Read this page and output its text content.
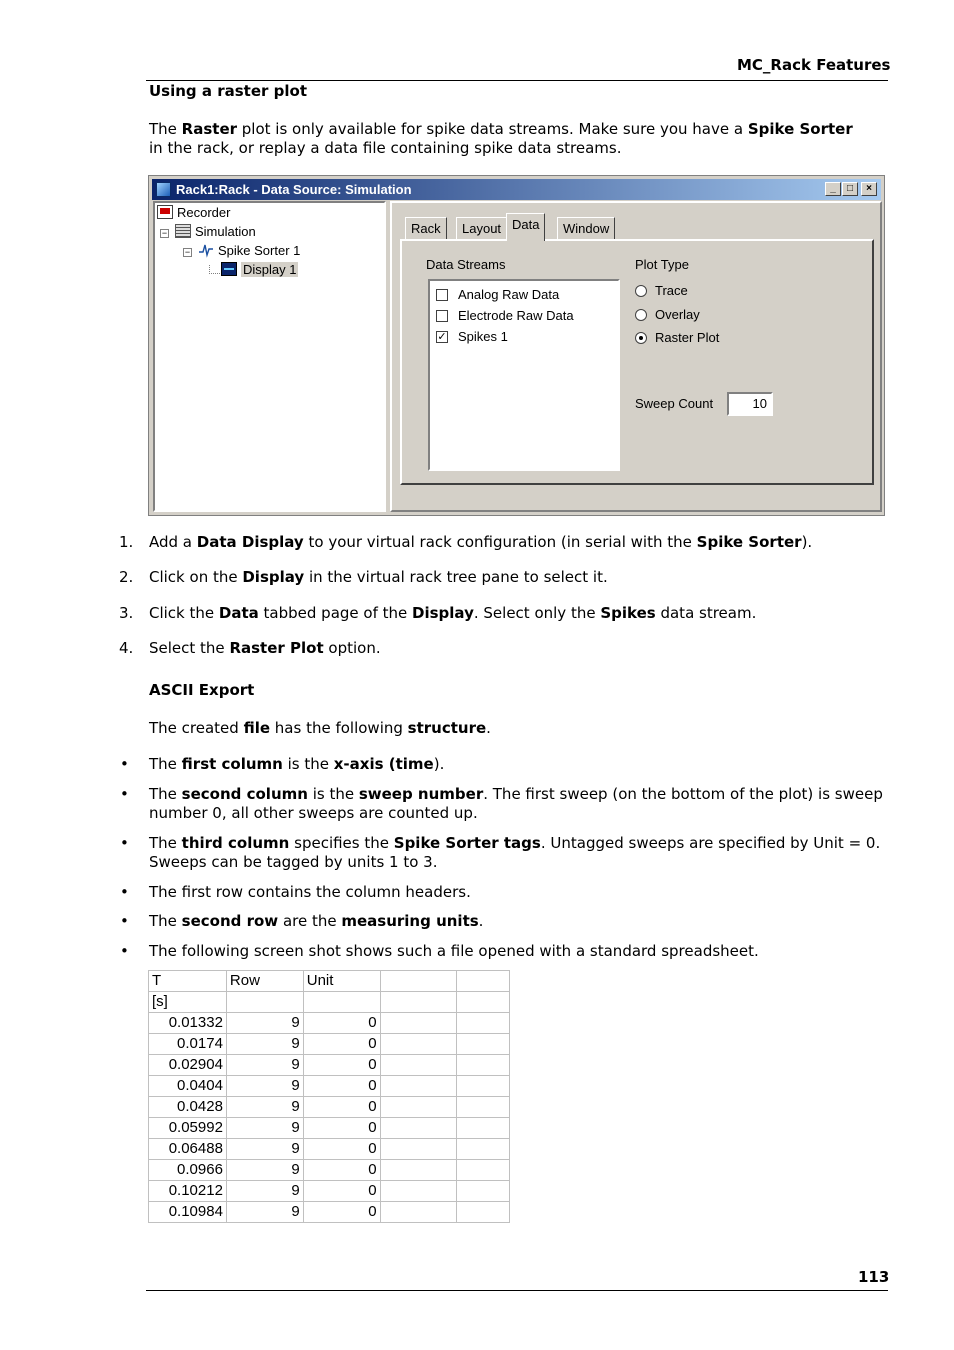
MC_Rack Features
Using a raster plot
The Raster plot is only available for spike data streams. Make sure you have a Spike Sorter
in the rack, or replay a data file containing spike data streams.
Rack1:Rack - Data Source: Simulation	_	□	×
Recorder
−	Simulation
−	Spike Sorter 1
Display 1
Rack	Layout Data	Window
Data Streams
Analog Raw Data
Electrode Raw Data
✓ Spikes 1
Plot Type
Trace
Overlay
Raster Plot
Sweep Count	10
1. Add a Data Display to your virtual rack configuration (in serial with the Spike Sorter).
2. Click on the Display in the virtual rack tree pane to select it.
3. Click the Data tabbed page of the Display. Select only the Spikes data stream.
4. Select the Raster Plot option.
ASCII Export
The created file has the following structure.
• The first column is the x-axis (time).
• The second column is the sweep number. The first sweep (on the bottom of the plot) is sweep
number 0, all other sweeps are counted up.
• The third column specifies the Spike Sorter tags. Untagged sweeps are specified by Unit = 0.
Sweeps can be tagged by units 1 to 3.
• The first row contains the column headers.
• The second row are the measuring units.
• The following screen shot shows such a file opened with a standard spreadsheet.
T	Row	Unit		
[s]				
0.01332	9	0		
0.0174	9	0		
0.02904	9	0		
0.0404	9	0		
0.0428	9	0		
0.05992	9	0		
0.06488	9	0		
0.0966	9	0		
0.10212	9	0		
0.10984	9	0		
113
